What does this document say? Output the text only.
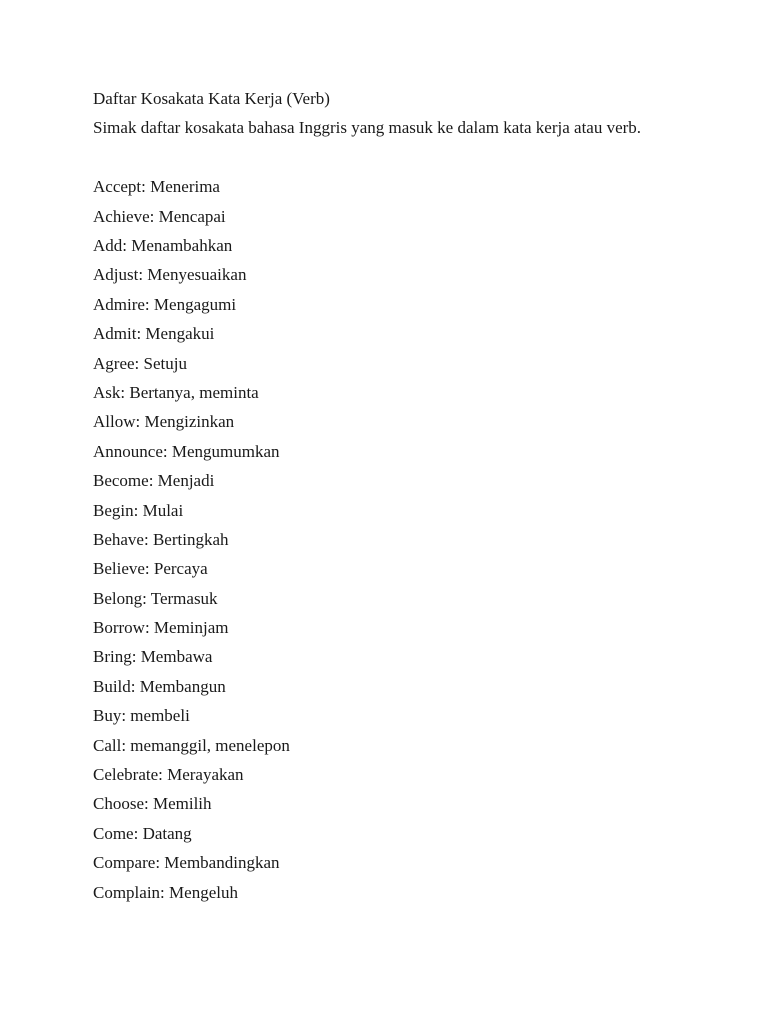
Daftar Kosakata Kata Kerja (Verb)
Simak daftar kosakata bahasa Inggris yang masuk ke dalam kata kerja atau verb.
Accept: Menerima
Achieve: Mencapai
Add: Menambahkan
Adjust: Menyesuaikan
Admire: Mengagumi
Admit: Mengakui
Agree: Setuju
Ask: Bertanya, meminta
Allow: Mengizinkan
Announce: Mengumumkan
Become: Menjadi
Begin: Mulai
Behave: Bertingkah
Believe: Percaya
Belong: Termasuk
Borrow: Meminjam
Bring: Membawa
Build: Membangun
Buy: membeli
Call: memanggil, menelepon
Celebrate: Merayakan
Choose: Memilih
Come: Datang
Compare: Membandingkan
Complain: Mengeluh
